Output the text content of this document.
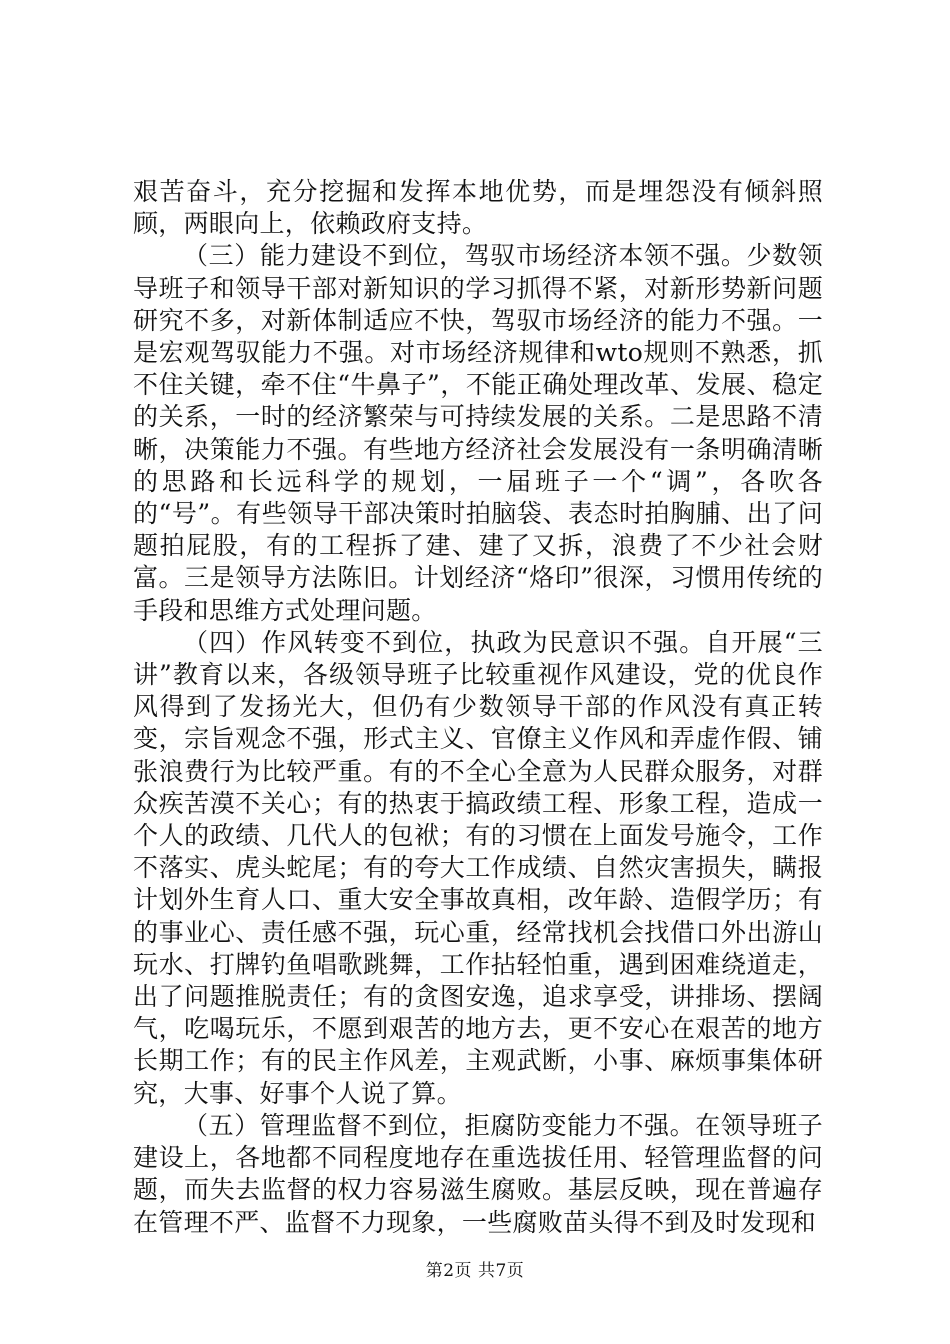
艰苦奋斗，充分挖掘和发挥本地优势，而是埋怨没有倾斜照顾，两眼向上，依赖政府支持。

（三）能力建设不到位，驾驭市场经济本领不强。少数领导班子和领导干部对新知识的学习抓得不紧，对新形势新问题研究不多，对新体制适应不快，驾驭市场经济的能力不强。一是宏观驾驭能力不强。对市场经济规律和wto规则不熟悉，抓不住关键，牵不住“牛鼻子”，不能正确处理改革、发展、稳定的关系，一时的经济繁荣与可持续发展的关系。二是思路不清晰，决策能力不强。有些地方经济社会发展没有一条明确清晰的思路和长远科学的规划，一届班子一个“调”，各吹各的“号”。有些领导干部决策时拍脑袋、表态时拍胸脯、出了问题拍屁股，有的工程拆了建、建了又拆，浪费了不少社会财富。三是领导方法陈旧。计划经济“烙印”很深，习惯用传统的手段和思维方式处理问题。

（四）作风转变不到位，执政为民意识不强。自开展“三讲”教育以来，各级领导班子比较重视作风建设，党的优良作风得到了发扬光大，但仍有少数领导干部的作风没有真正转变，宗旨观念不强，形式主义、官僚主义作风和弄虚作假、铺张浪费行为比较严重。有的不全心全意为人民群众服务，对群众疾苦漠不关心；有的热衷于搞政绩工程、形象工程，造成一个人的政绩、几代人的包袱；有的习惯在上面发号施令，工作不落实、虎头蛇尾；有的夸大工作成绩、自然灾害损失，瞒报计划外生育人口、重大安全事故真相，改年龄、造假学历；有的事业心、责任感不强，玩心重，经常找机会找借口外出游山玩水、打牌钓鱼唱歌跳舞，工作拈轻怕重，遇到困难绕道走，出了问题推脱责任；有的贪图安逸，追求享受，讲排场、摆阔气，吃喝玩乐，不愿到艰苦的地方去，更不安心在艰苦的地方长期工作；有的民主作风差，主观武断，小事、麻烦事集体研究，大事、好事个人说了算。

（五）管理监督不到位，拒腐防变能力不强。在领导班子建设上，各地都不同程度地存在重选拔任用、轻管理监督的问题，而失去监督的权力容易滋生腐败。基层反映，现在普遍存在管理不严、监督不力现象，一些腐败苗头得不到及时发现和

第2页 共7页
